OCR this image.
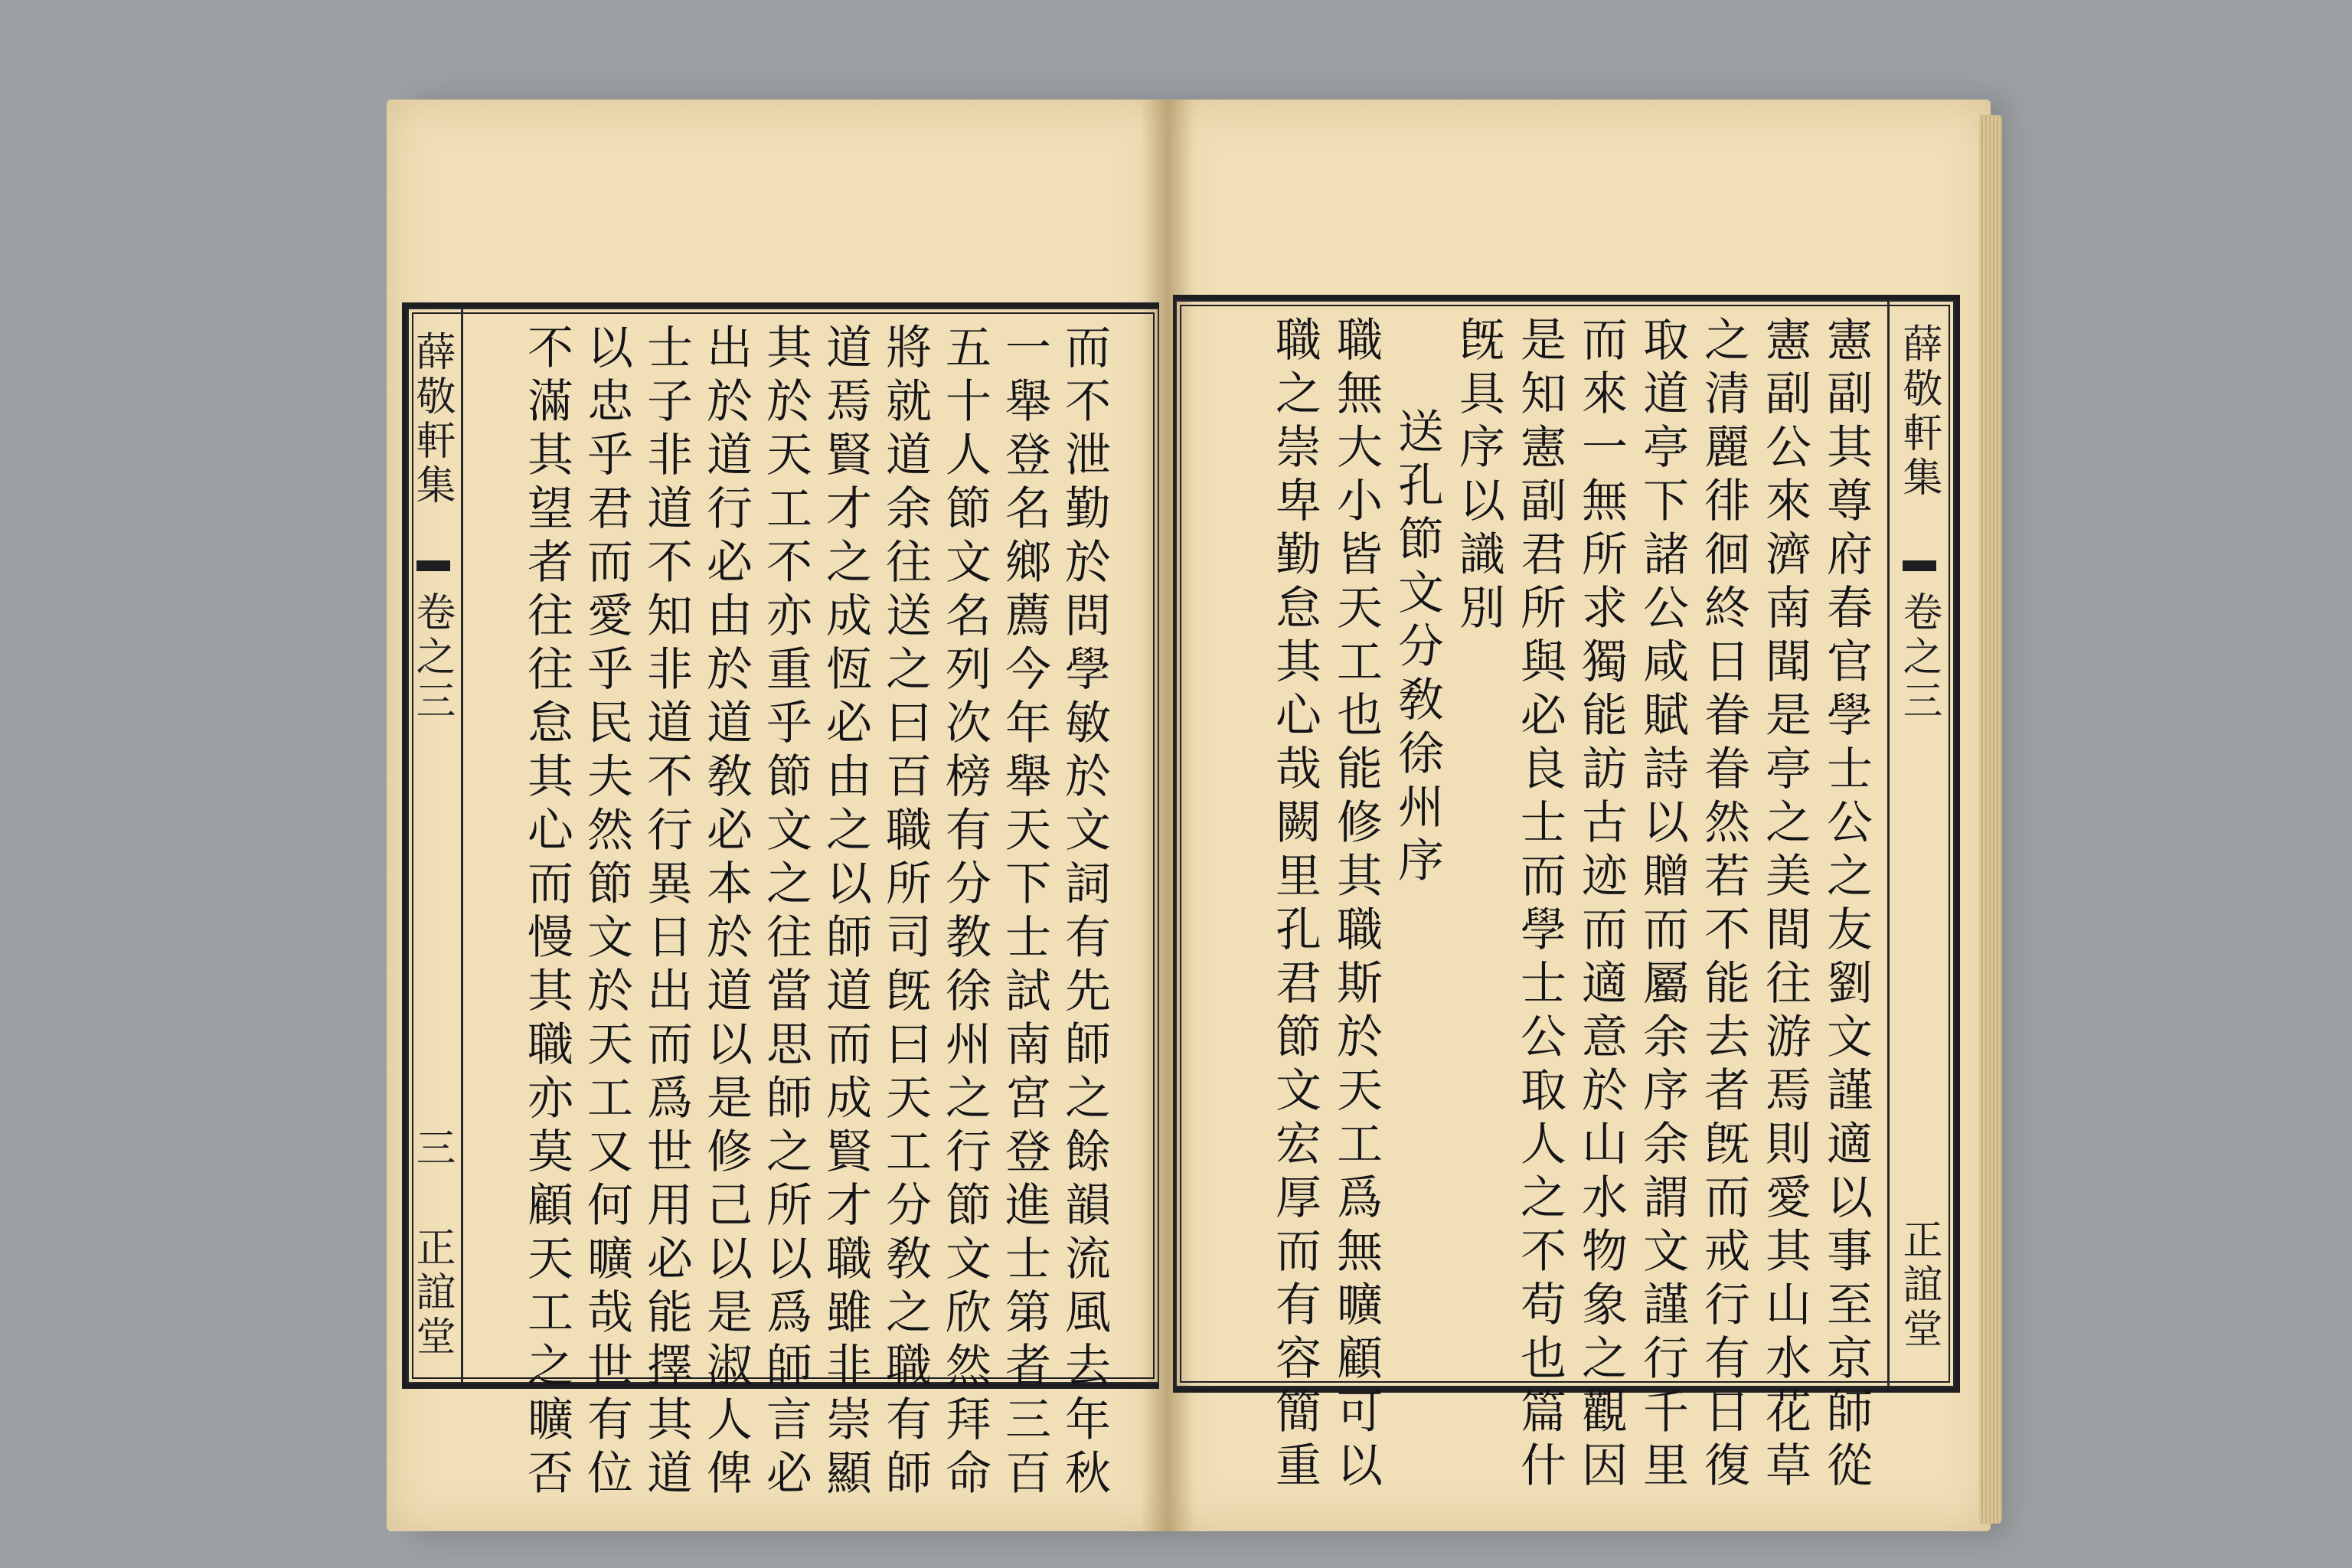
薛敬軒集
卷之三
三
正誼堂	而不泄勤於問學敏於文詞有先師之餘韻流風去年秋
一舉登名鄉薦今年舉天下士試南宮登進士第者三百
五十人節文名列次榜有分教徐州之行節文欣然拜命
將就道余往送之曰百職所司旣曰天工分敎之職有師
道焉賢才之成恆必由之以師道而成賢才職雖非崇顯
其於天工不亦重乎節文之往當思師之所以爲師言必
出於道行必由於道敎必本於道以是修己以是淑人俾
士子非道不知非道不行異日出而爲世用必能擇其道
以忠乎君而愛乎民夫然節文於天工又何曠哉世有位
不滿其望者往往怠其心而慢其職亦莫顧天工之曠否	薛敬軒集
卷之三
正誼堂
憲副其尊府春官學士公之友劉文謹適以事至京師從
憲副公來濟南聞是亭之美間往游焉則愛其山水花草
之清麗徘徊終日眷眷然若不能去者旣而戒行有日復
取道亭下諸公咸賦詩以贈而屬余序余謂文謹行千里
而來一無所求獨能訪古迹而適意於山水物象之觀因
是知憲副君所與必良士而學士公取人之不苟也篇什
旣具序以識別
送孔節文分敎徐州序
職無大小皆天工也能修其職斯於天工爲無曠顧可以
職之崇卑勤怠其心哉闕里孔君節文宏厚而有容簡重
